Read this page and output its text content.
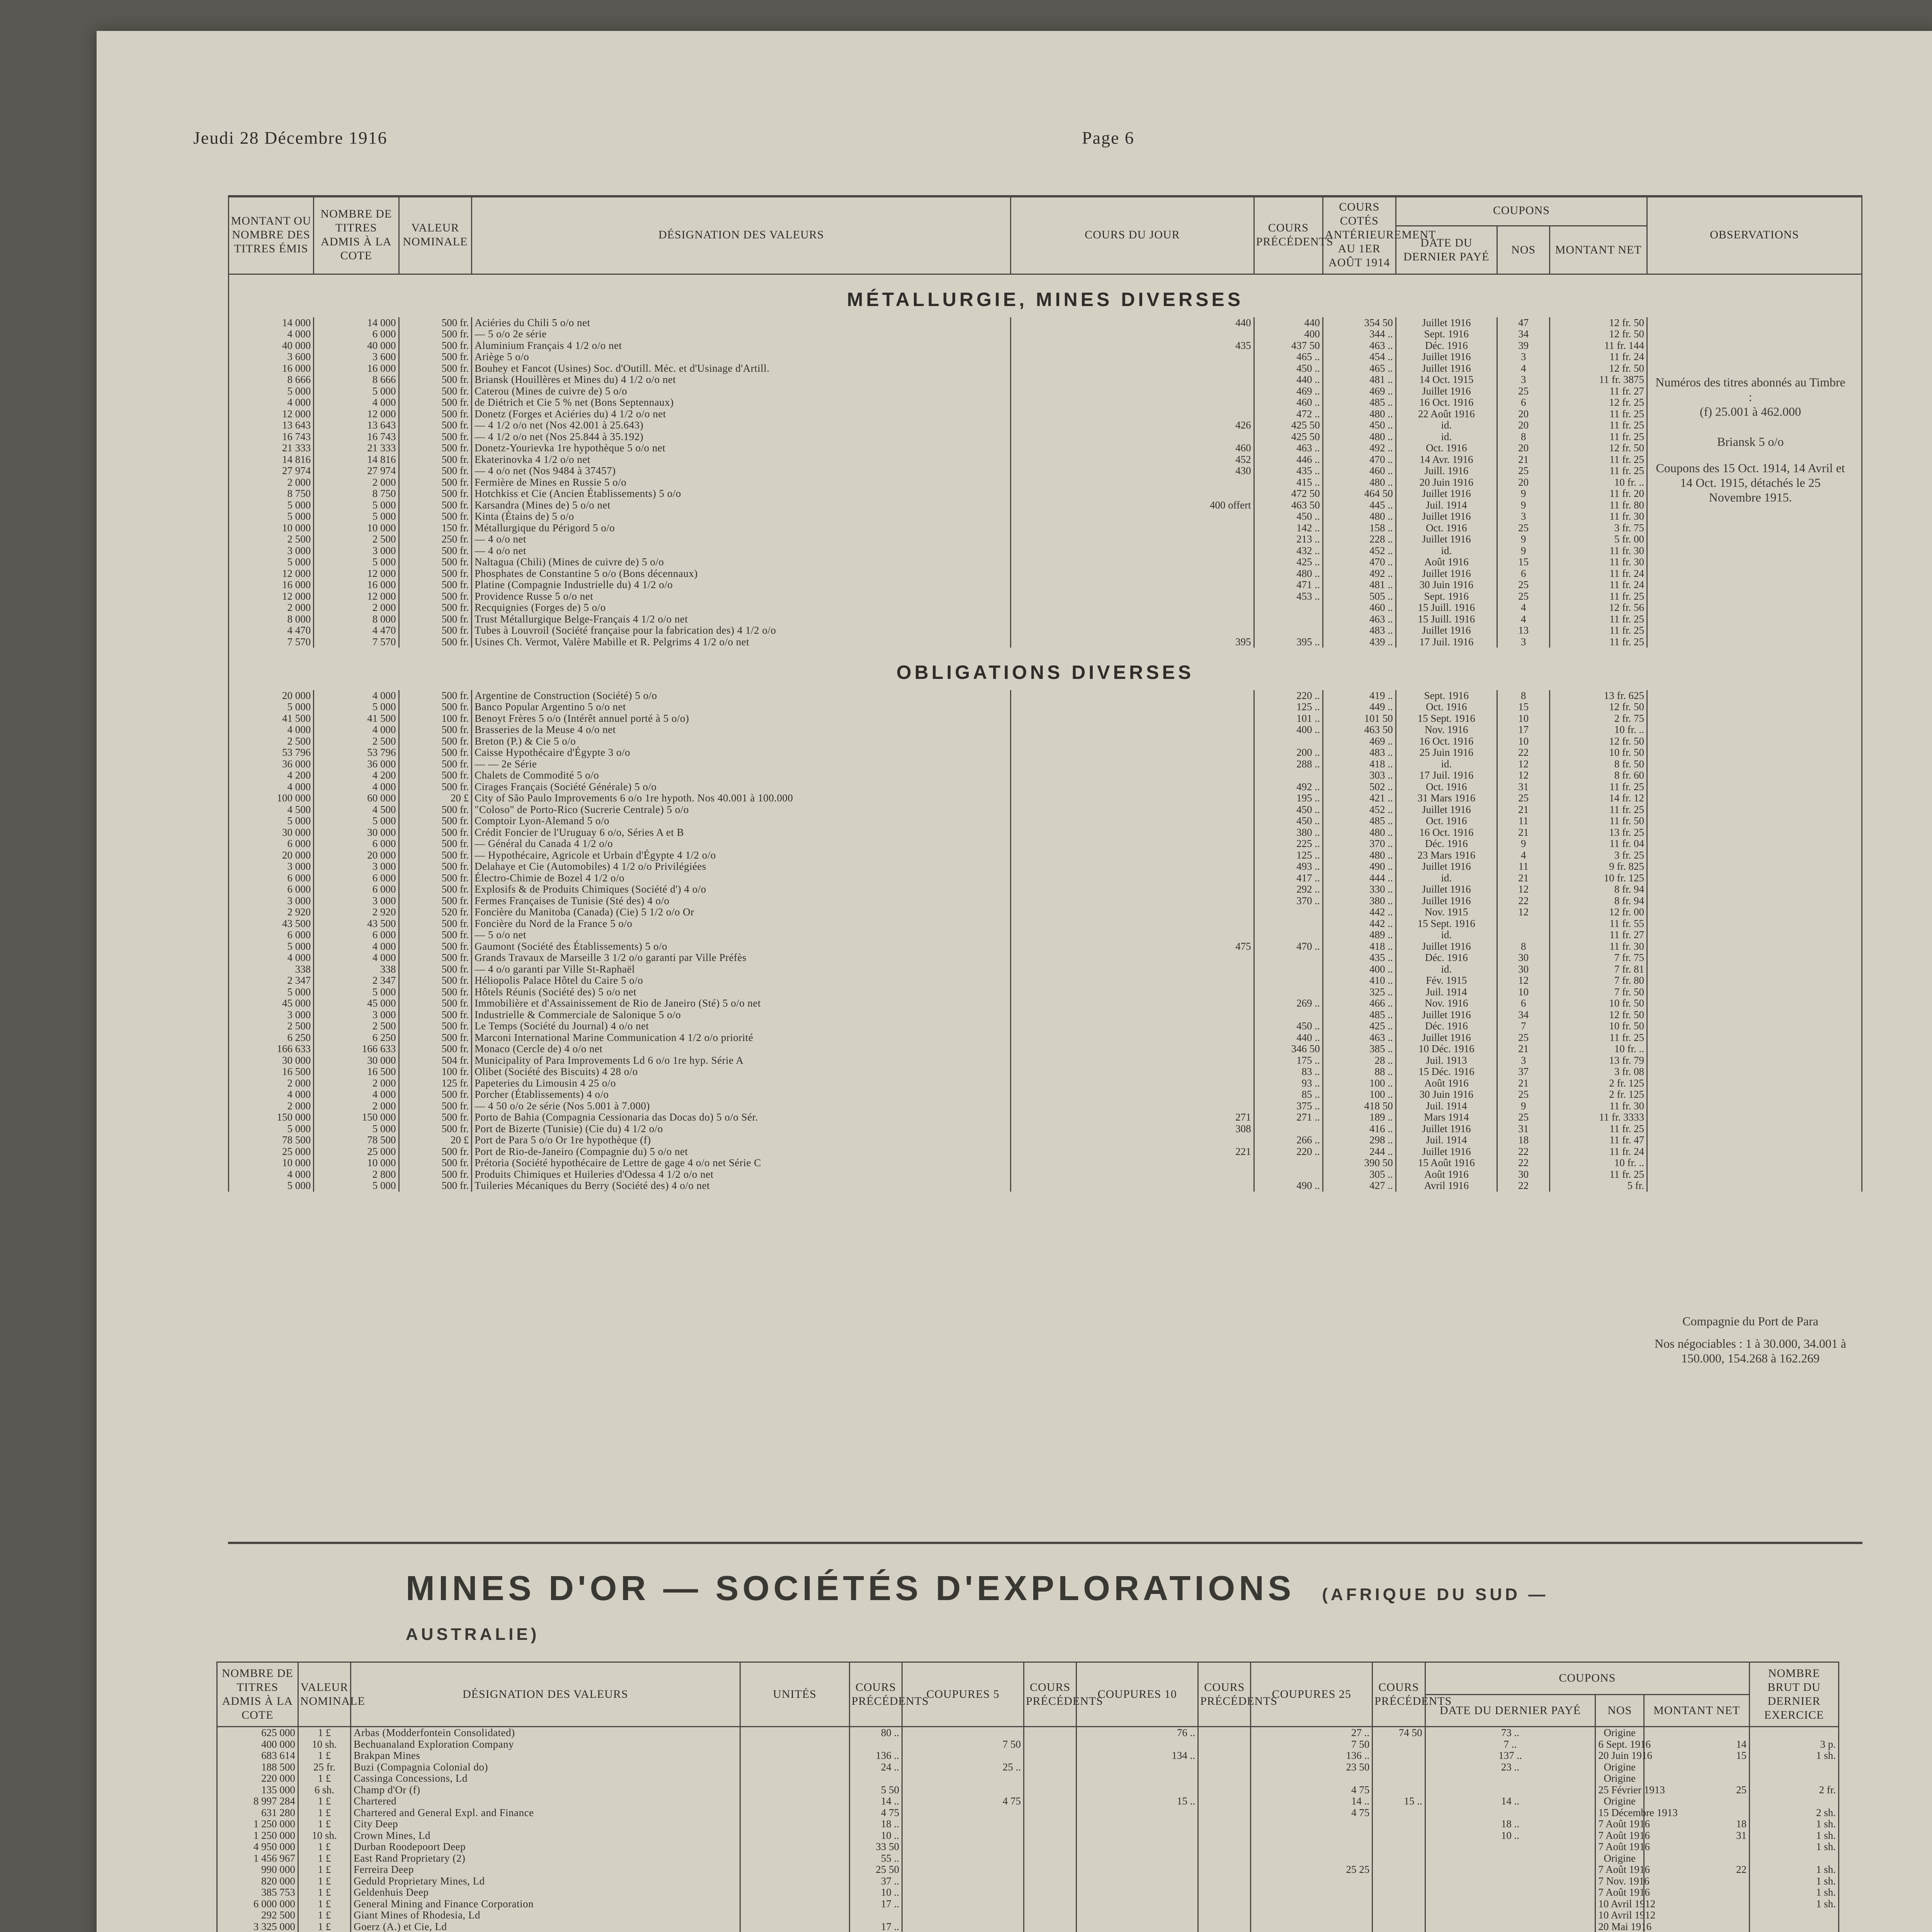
Jeudi 28 Décembre 1916	Page 6
MONTANT OU NOMBRE DES TITRES ÉMIS	NOMBRE DE TITRES ADMIS À LA COTE	VALEUR NOMINALE	DÉSIGNATION DES VALEURS	COURS DU JOUR	COURS PRÉCÉDENTS	COURS COTÉS ANTÉRIEUREMENT AU 1ER AOÛT 1914	COUPONS			OBSERVATIONS
							DATE DU DERNIER PAYÉ	NOS	MONTANT NET	
MÉTALLURGIE, MINES DIVERSES										
14 000	14 000	500 fr.	Aciéries du Chili 5 o/o net	440	440	354 50	Juillet 1916	47	12 fr. 50	
4 000	6 000	500 fr.	— 5 o/o 2e série		400	344 ..	Sept. 1916	34	12 fr. 50	
40 000	40 000	500 fr.	Aluminium Français 4 1/2 o/o net	435	437 50	463 ..	Déc. 1916	39	11 fr. 144	
3 600	3 600	500 fr.	Ariège 5 o/o		465 ..	454 ..	Juillet 1916	3	11 fr. 24	
16 000	16 000	500 fr.	Bouhey et Fancot (Usines) Soc. d'Outill. Méc. et d'Usinage d'Artill.		450 ..	465 ..	Juillet 1916	4	12 fr. 50	
8 666	8 666	500 fr.	Briansk (Houillères et Mines du) 4 1/2 o/o net		440 ..	481 ..	14 Oct. 1915	3	11 fr. 3875	
5 000	5 000	500 fr.	Caterou (Mines de cuivre de) 5 o/o		469 ..	469 ..	Juillet 1916	25	11 fr. 27	
4 000	4 000	500 fr.	de Diétrich et Cie 5 % net (Bons Septennaux)		460 ..	485 ..	16 Oct. 1916	6	12 fr. 25	
12 000	12 000	500 fr.	Donetz (Forges et Aciéries du) 4 1/2 o/o net		472 ..	480 ..	22 Août 1916	20	11 fr. 25	
13 643	13 643	500 fr.	— 4 1/2 o/o net (Nos 42.001 à 25.643)	426	425 50	450 ..	id.	20	11 fr. 25	
16 743	16 743	500 fr.	— 4 1/2 o/o net (Nos 25.844 à 35.192)		425 50	480 ..	id.	8	11 fr. 25	
21 333	21 333	500 fr.	Donetz-Yourievka 1re hypothèque 5 o/o net	460	463 ..	492 ..	Oct. 1916	20	12 fr. 50	
14 816	14 816	500 fr.	Ekaterinovka 4 1/2 o/o net	452	446 ..	470 ..	14 Avr. 1916	21	11 fr. 25	
27 974	27 974	500 fr.	— 4 o/o net (Nos 9484 à 37457)	430	435 ..	460 ..	Juill. 1916	25	11 fr. 25	
2 000	2 000	500 fr.	Fermière de Mines en Russie 5 o/o		415 ..	480 ..	20 Juin 1916	20	10 fr. ..	
8 750	8 750	500 fr.	Hotchkiss et Cie (Ancien Établissements) 5 o/o		472 50	464 50	Juillet 1916	9	11 fr. 20	
5 000	5 000	500 fr.	Karsandra (Mines de) 5 o/o net	400 offert	463 50	445 ..	Juil. 1914	9	11 fr. 80	
5 000	5 000	500 fr.	Kinta (Étains de) 5 o/o		450 ..	480 ..	Juillet 1916	3	11 fr. 30	
10 000	10 000	150 fr.	Métallurgique du Périgord 5 o/o		142 ..	158 ..	Oct. 1916	25	3 fr. 75	
2 500	2 500	250 fr.	— 4 o/o net		213 ..	228 ..	Juillet 1916	9	5 fr. 00	
3 000	3 000	500 fr.	— 4 o/o net		432 ..	452 ..	id.	9	11 fr. 30	
5 000	5 000	500 fr.	Naltagua (Chili) (Mines de cuivre de) 5 o/o		425 ..	470 ..	Août 1916	15	11 fr. 30	
12 000	12 000	500 fr.	Phosphates de Constantine 5 o/o (Bons décennaux)		480 ..	492 ..	Juillet 1916	6	11 fr. 24	
16 000	16 000	500 fr.	Platine (Compagnie Industrielle du) 4 1/2 o/o		471 ..	481 ..	30 Juin 1916	25	11 fr. 24	
12 000	12 000	500 fr.	Providence Russe 5 o/o net		453 ..	505 ..	Sept. 1916	25	11 fr. 25	
2 000	2 000	500 fr.	Recquignies (Forges de) 5 o/o			460 ..	15 Juill. 1916	4	12 fr. 56	
8 000	8 000	500 fr.	Trust Métallurgique Belge-Français 4 1/2 o/o net			463 ..	15 Juill. 1916	4	11 fr. 25	
4 470	4 470	500 fr.	Tubes à Louvroil (Société française pour la fabrication des) 4 1/2 o/o			483 ..	Juillet 1916	13	11 fr. 25	
7 570	7 570	500 fr.	Usines Ch. Vermot, Valère Mabille et R. Pelgrims 4 1/2 o/o net	395	395 ..	439 ..	17 Juil. 1916	3	11 fr. 25	
OBLIGATIONS DIVERSES										
20 000	4 000	500 fr.	Argentine de Construction (Société) 5 o/o		220 ..	419 ..	Sept. 1916	8	13 fr. 625	
5 000	5 000	500 fr.	Banco Popular Argentino 5 o/o net		125 ..	449 ..	Oct. 1916	15	12 fr. 50	
41 500	41 500	100 fr.	Benoyt Frères 5 o/o (Intérêt annuel porté à 5 o/o)		101 ..	101 50	15 Sept. 1916	10	2 fr. 75	
4 000	4 000	500 fr.	Brasseries de la Meuse 4 o/o net		400 ..	463 50	Nov. 1916	17	10 fr. ..	
2 500	2 500	500 fr.	Breton (P.) & Cie 5 o/o			469 ..	16 Oct. 1916	10	12 fr. 50	
53 796	53 796	500 fr.	Caisse Hypothécaire d'Égypte 3 o/o		200 ..	483 ..	25 Juin 1916	22	10 fr. 50	
36 000	36 000	500 fr.	— — 2e Série		288 ..	418 ..	id.	12	8 fr. 50	
4 200	4 200	500 fr.	Chalets de Commodité 5 o/o			303 ..	17 Juil. 1916	12	8 fr. 60	
4 000	4 000	500 fr.	Cirages Français (Société Générale) 5 o/o		492 ..	502 ..	Oct. 1916	31	11 fr. 25	
100 000	60 000	20 £	City of São Paulo Improvements 6 o/o 1re hypoth. Nos 40.001 à 100.000		195 ..	421 ..	31 Mars 1916	25	14 fr. 12	
4 500	4 500	500 fr.	"Coloso" de Porto-Rico (Sucrerie Centrale) 5 o/o		450 ..	452 ..	Juillet 1916	21	11 fr. 25	
5 000	5 000	500 fr.	Comptoir Lyon-Alemand 5 o/o		450 ..	485 ..	Oct. 1916	11	11 fr. 50	
30 000	30 000	500 fr.	Crédit Foncier de l'Uruguay 6 o/o, Séries A et B		380 ..	480 ..	16 Oct. 1916	21	13 fr. 25	
6 000	6 000	500 fr.	— Général du Canada 4 1/2 o/o		225 ..	370 ..	Déc. 1916	9	11 fr. 04	
20 000	20 000	500 fr.	— Hypothécaire, Agricole et Urbain d'Égypte 4 1/2 o/o		125 ..	480 ..	23 Mars 1916	4	3 fr. 25	
3 000	3 000	500 fr.	Delahaye et Cie (Automobiles) 4 1/2 o/o Privilégiées		493 ..	490 ..	Juillet 1916	11	9 fr. 825	
6 000	6 000	500 fr.	Électro-Chimie de Bozel 4 1/2 o/o		417 ..	444 ..	id.	21	10 fr. 125	
6 000	6 000	500 fr.	Explosifs & de Produits Chimiques (Société d') 4 o/o		292 ..	330 ..	Juillet 1916	12	8 fr. 94	
3 000	3 000	500 fr.	Fermes Françaises de Tunisie (Sté des) 4 o/o		370 ..	380 ..	Juillet 1916	22	8 fr. 94	
2 920	2 920	520 fr.	Foncière du Manitoba (Canada) (Cie) 5 1/2 o/o Or			442 ..	Nov. 1915	12	12 fr. 00	
43 500	43 500	500 fr.	Foncière du Nord de la France 5 o/o			442 ..	15 Sept. 1916		11 fr. 55	
6 000	6 000	500 fr.	— 5 o/o net			489 ..	id.		11 fr. 27	
5 000	4 000	500 fr.	Gaumont (Société des Établissements) 5 o/o	475	470 ..	418 ..	Juillet 1916	8	11 fr. 30	
4 000	4 000	500 fr.	Grands Travaux de Marseille 3 1/2 o/o garanti par Ville Préfès			435 ..	Déc. 1916	30	7 fr. 75	
338	338	500 fr.	— 4 o/o garanti par Ville St-Raphaël			400 ..	id.	30	7 fr. 81	
2 347	2 347	500 fr.	Héliopolis Palace Hôtel du Caire 5 o/o			410 ..	Fév. 1915	12	7 fr. 80	
5 000	5 000	500 fr.	Hôtels Réunis (Société des) 5 o/o net			325 ..	Juil. 1914	10	7 fr. 50	
45 000	45 000	500 fr.	Immobilière et d'Assainissement de Rio de Janeiro (Sté) 5 o/o net		269 ..	466 ..	Nov. 1916	6	10 fr. 50	
3 000	3 000	500 fr.	Industrielle & Commerciale de Salonique 5 o/o			485 ..	Juillet 1916	34	12 fr. 50	
2 500	2 500	500 fr.	Le Temps (Société du Journal) 4 o/o net		450 ..	425 ..	Déc. 1916	7	10 fr. 50	
6 250	6 250	500 fr.	Marconi International Marine Communication 4 1/2 o/o priorité		440 ..	463 ..	Juillet 1916	25	11 fr. 25	
166 633	166 633	500 fr.	Monaco (Cercle de) 4 o/o net		346 50	385 ..	10 Déc. 1916	21	10 fr. ..	
30 000	30 000	504 fr.	Municipality of Para Improvements Ld 6 o/o 1re hyp. Série A		175 ..	28 ..	Juil. 1913	3	13 fr. 79	
16 500	16 500	100 fr.	Olibet (Société des Biscuits) 4 28 o/o		83 ..	88 ..	15 Déc. 1916	37	3 fr. 08	
2 000	2 000	125 fr.	Papeteries du Limousin 4 25 o/o		93 ..	100 ..	Août 1916	21	2 fr. 125	
4 000	4 000	500 fr.	Porcher (Établissements) 4 o/o		85 ..	100 ..	30 Juin 1916	25	2 fr. 125	
2 000	2 000	500 fr.	— 4 50 o/o 2e série (Nos 5.001 à 7.000)		375 ..	418 50	Juil. 1914	9	11 fr. 30	
150 000	150 000	500 fr.	Porto de Bahia (Compagnia Cessionaria das Docas do) 5 o/o Sér.	271	271 ..	189 ..	Mars 1914	25	11 fr. 3333	
5 000	5 000	500 fr.	Port de Bizerte (Tunisie) (Cie du) 4 1/2 o/o	308		416 ..	Juillet 1916	31	11 fr. 25	
78 500	78 500	20 £	Port de Para 5 o/o Or 1re hypothèque (f)		266 ..	298 ..	Juil. 1914	18	11 fr. 47	
25 000	25 000	500 fr.	Port de Rio-de-Janeiro (Compagnie du) 5 o/o net	221	220 ..	244 ..	Juillet 1916	22	11 fr. 24	
10 000	10 000	500 fr.	Prétoria (Société hypothécaire de Lettre de gage 4 o/o net Série C			390 50	15 Août 1916	22	10 fr. ..	
4 000	2 800	500 fr.	Produits Chimiques et Huileries d'Odessa 4 1/2 o/o net			305 ..	Août 1916	30	11 fr. 25	
5 000	5 000	500 fr.	Tuileries Mécaniques du Berry (Société des) 4 o/o net		490 ..	427 ..	Avril 1916	22	5 fr.	
Numéros des titres abonnés au Timbre :
(f) 25.001 à 462.000
Briansk 5 o/o
Coupons des 15 Oct. 1914, 14 Avril et 14 Oct. 1915, détachés le 25 Novembre 1915.
Compagnie du Port de Para
Nos négociables : 1 à 30.000, 34.001 à 150.000, 154.268 à 162.269
MINES D'OR — SOCIÉTÉS D'EXPLORATIONS (AFRIQUE DU SUD — AUSTRALIE)
NOMBRE DE TITRES ADMIS À LA COTE	VALEUR NOMINALE	DÉSIGNATION DES VALEURS	UNITÉS	COURS PRÉCÉDENTS	COUPURES 5	COURS PRÉCÉDENTS	COUPURES 10	COURS PRÉCÉDENTS	COUPURES 25	COURS PRÉCÉDENTS	COUPONS			NOMBRE BRUT DU DERNIER EXERCICE
											DATE DU DERNIER PAYÉ	NOS	MONTANT NET	
625 000	1 £	Arbas (Modderfontein Consolidated)		80 ..			76 ..		27 ..	74 50	73 ..	Origine		
400 000	10 sh.	Bechuanaland Exploration Company			7 50				7 50		7 ..	6 Sept. 1916	14	3 p.
683 614	1 £	Brakpan Mines		136 ..			134 ..		136 ..		137 ..	20 Juin 1916	15	1 sh.
188 500	25 fr.	Buzi (Compagnia Colonial do)		24 ..	25 ..				23 50		23 ..	Origine		
220 000	1 £	Cassinga Concessions, Ld										Origine		
135 000	6 sh.	Champ d'Or (f)		5 50					4 75			25 Février 1913	25	2 fr.
8 997 284	1 £	Chartered		14 ..	4 75		15 ..		14 ..	15 ..	14 ..	Origine		
631 280	1 £	Chartered and General Expl. and Finance		4 75					4 75			15 Décembre 1913		2 sh.
1 250 000	1 £	City Deep		18 ..							18 ..	7 Août 1916	18	1 sh.
1 250 000	10 sh.	Crown Mines, Ld		10 ..							10 ..	7 Août 1916	31	1 sh.
4 950 000	1 £	Durban Roodepoort Deep		33 50								7 Août 1916		1 sh.
1 456 967	1 £	East Rand Proprietary (2)		55 ..								Origine		
990 000	1 £	Ferreira Deep		25 50					25 25			7 Août 1916	22	1 sh.
820 000	1 £	Geduld Proprietary Mines, Ld		37 ..								7 Nov. 1916		1 sh.
385 753	1 £	Geldenhuis Deep		10 ..								7 Août 1916		1 sh.
6 000 000	1 £	General Mining and Finance Corporation		17 ..								10 Avril 1912		1 sh.
292 500	1 £	Giant Mines of Rhodesia, Ld										10 Avril 1912		
3 325 000	1 £	Goerz (A.) et Cie, Ld		17 ..								20 Mai 1916		
